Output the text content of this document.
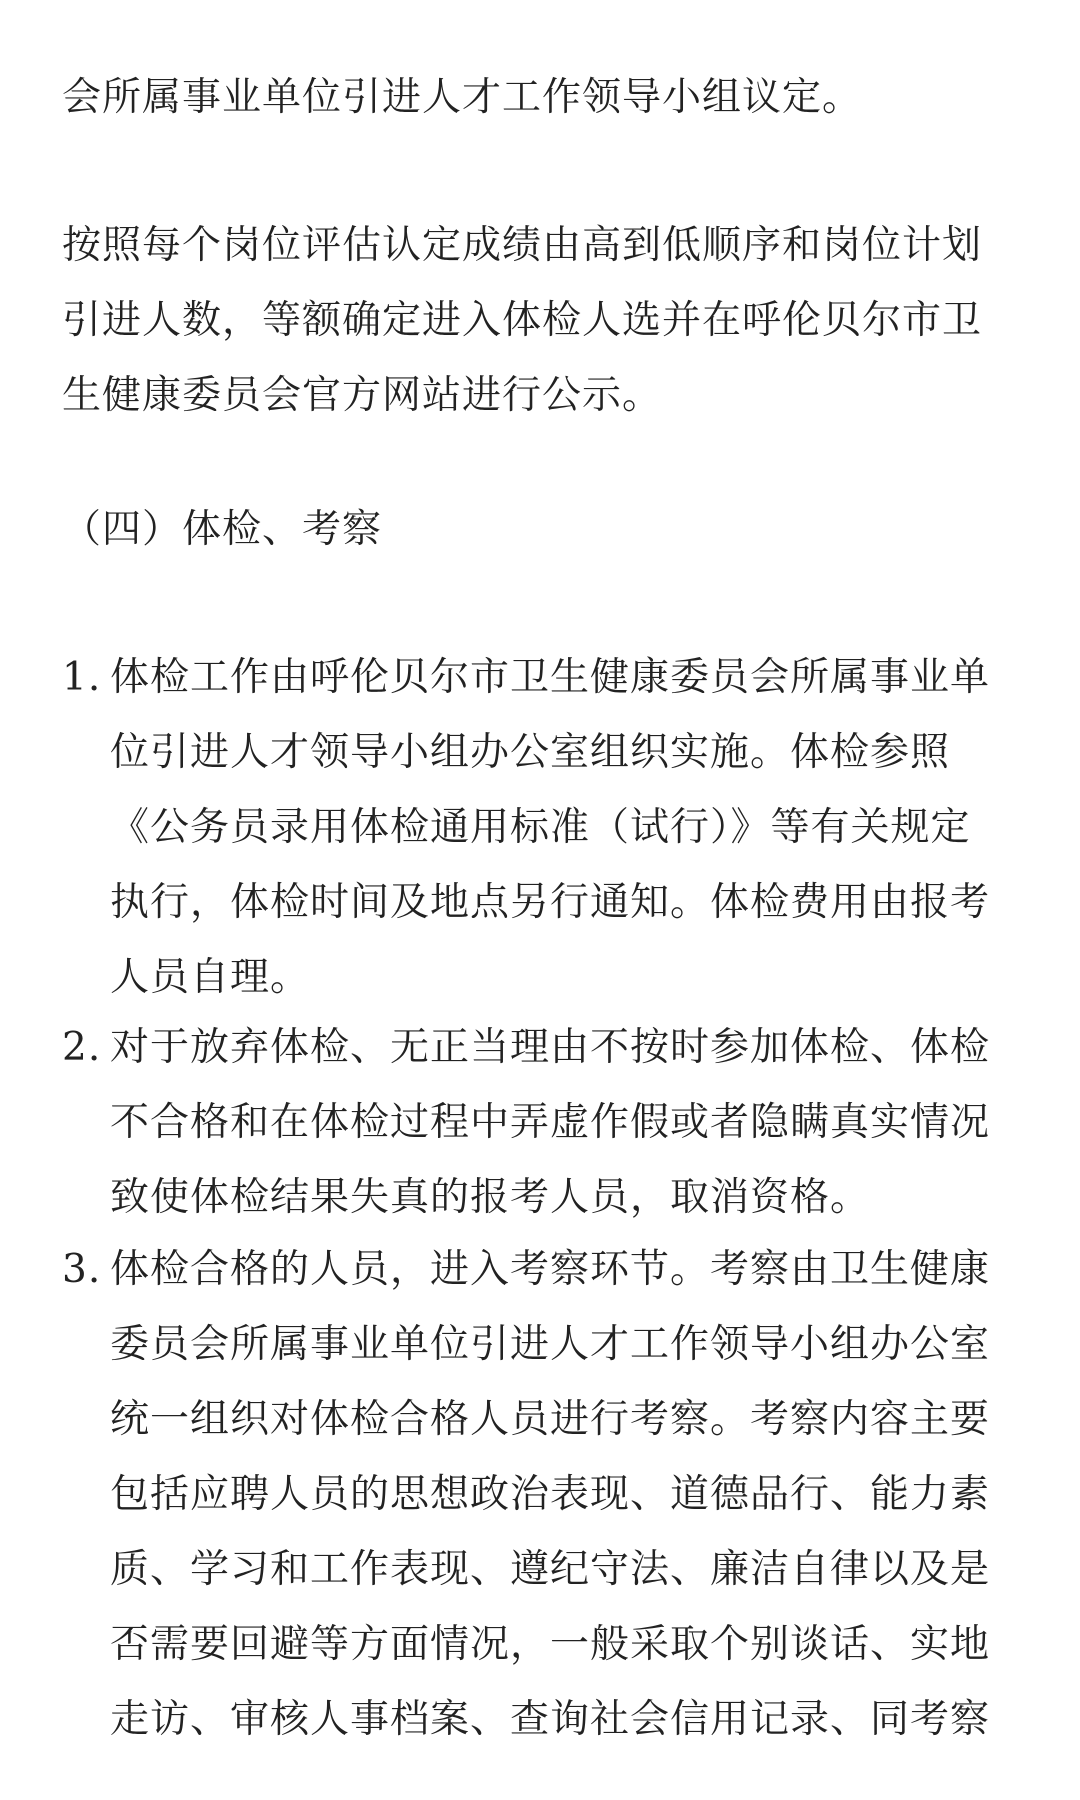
会所属事业单位引进人才工作领导小组议定。

按照每个岗位评估认定成绩由高到低顺序和岗位计划
引进人数，等额确定进入体检人选并在呼伦贝尔市卫
生健康委员会官方网站进行公示。

（四）体检、考察

1. 体检工作由呼伦贝尔市卫生健康委员会所属事业单
位引进人才领导小组办公室组织实施。体检参照
《公务员录用体检通用标准（试行）》等有关规定
执行，体检时间及地点另行通知。体检费用由报考
人员自理。
2. 对于放弃体检、无正当理由不按时参加体检、体检
不合格和在体检过程中弄虚作假或者隐瞒真实情况
致使体检结果失真的报考人员，取消资格。
3. 体检合格的人员，进入考察环节。考察由卫生健康
委员会所属事业单位引进人才工作领导小组办公室
统一组织对体检合格人员进行考察。考察内容主要
包括应聘人员的思想政治表现、道德品行、能力素
质、学习和工作表现、遵纪守法、廉洁自律以及是
否需要回避等方面情况，一般采取个别谈话、实地
走访、审核人事档案、查询社会信用记录、同考察
